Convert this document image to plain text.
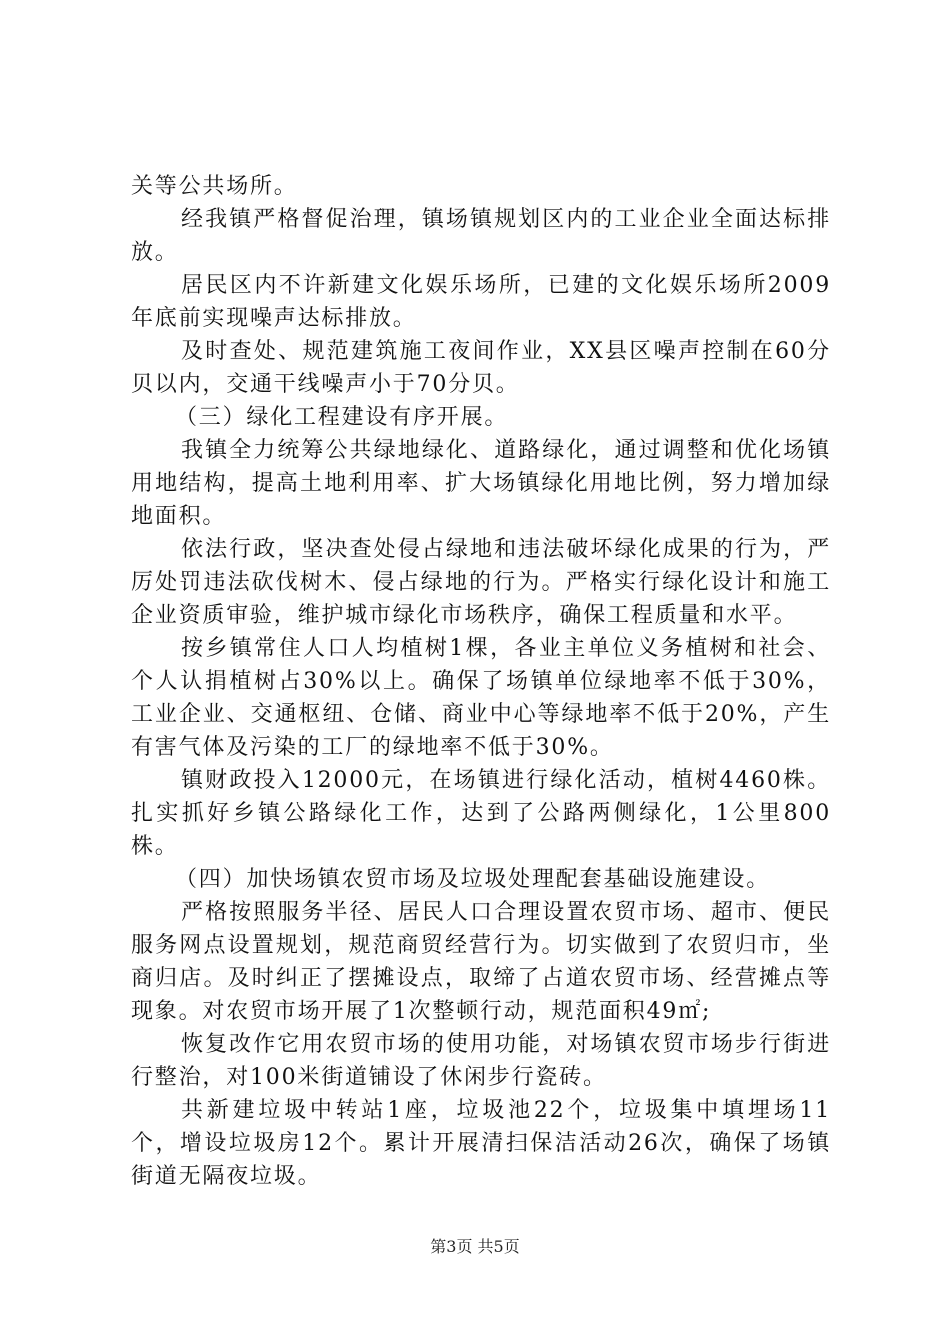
关等公共场所。

经我镇严格督促治理，镇场镇规划区内的工业企业全面达标排放。

居民区内不许新建文化娱乐场所，已建的文化娱乐场所2009年底前实现噪声达标排放。

及时查处、规范建筑施工夜间作业，XX县区噪声控制在60分贝以内，交通干线噪声小于70分贝。

（三）绿化工程建设有序开展。

我镇全力统筹公共绿地绿化、道路绿化，通过调整和优化场镇用地结构，提高土地利用率、扩大场镇绿化用地比例，努力增加绿地面积。

依法行政，坚决查处侵占绿地和违法破坏绿化成果的行为，严厉处罚违法砍伐树木、侵占绿地的行为。严格实行绿化设计和施工企业资质审验，维护城市绿化市场秩序，确保工程质量和水平。

按乡镇常住人口人均植树1棵，各业主单位义务植树和社会、个人认捐植树占30%以上。确保了场镇单位绿地率不低于30%，工业企业、交通枢纽、仓储、商业中心等绿地率不低于20%，产生有害气体及污染的工厂的绿地率不低于30%。

镇财政投入12000元，在场镇进行绿化活动，植树4460株。扎实抓好乡镇公路绿化工作，达到了公路两侧绿化，1公里800株。

（四）加快场镇农贸市场及垃圾处理配套基础设施建设。

严格按照服务半径、居民人口合理设置农贸市场、超市、便民服务网点设置规划，规范商贸经营行为。切实做到了农贸归市，坐商归店。及时纠正了摆摊设点，取缔了占道农贸市场、经营摊点等现象。对农贸市场开展了1次整顿行动，规范面积49㎡;

恢复改作它用农贸市场的使用功能，对场镇农贸市场步行街进行整治，对100米街道铺设了休闲步行瓷砖。

共新建垃圾中转站1座，垃圾池22个，垃圾集中填埋场11个，增设垃圾房12个。累计开展清扫保洁活动26次，确保了场镇街道无隔夜垃圾。

第3页 共5页
